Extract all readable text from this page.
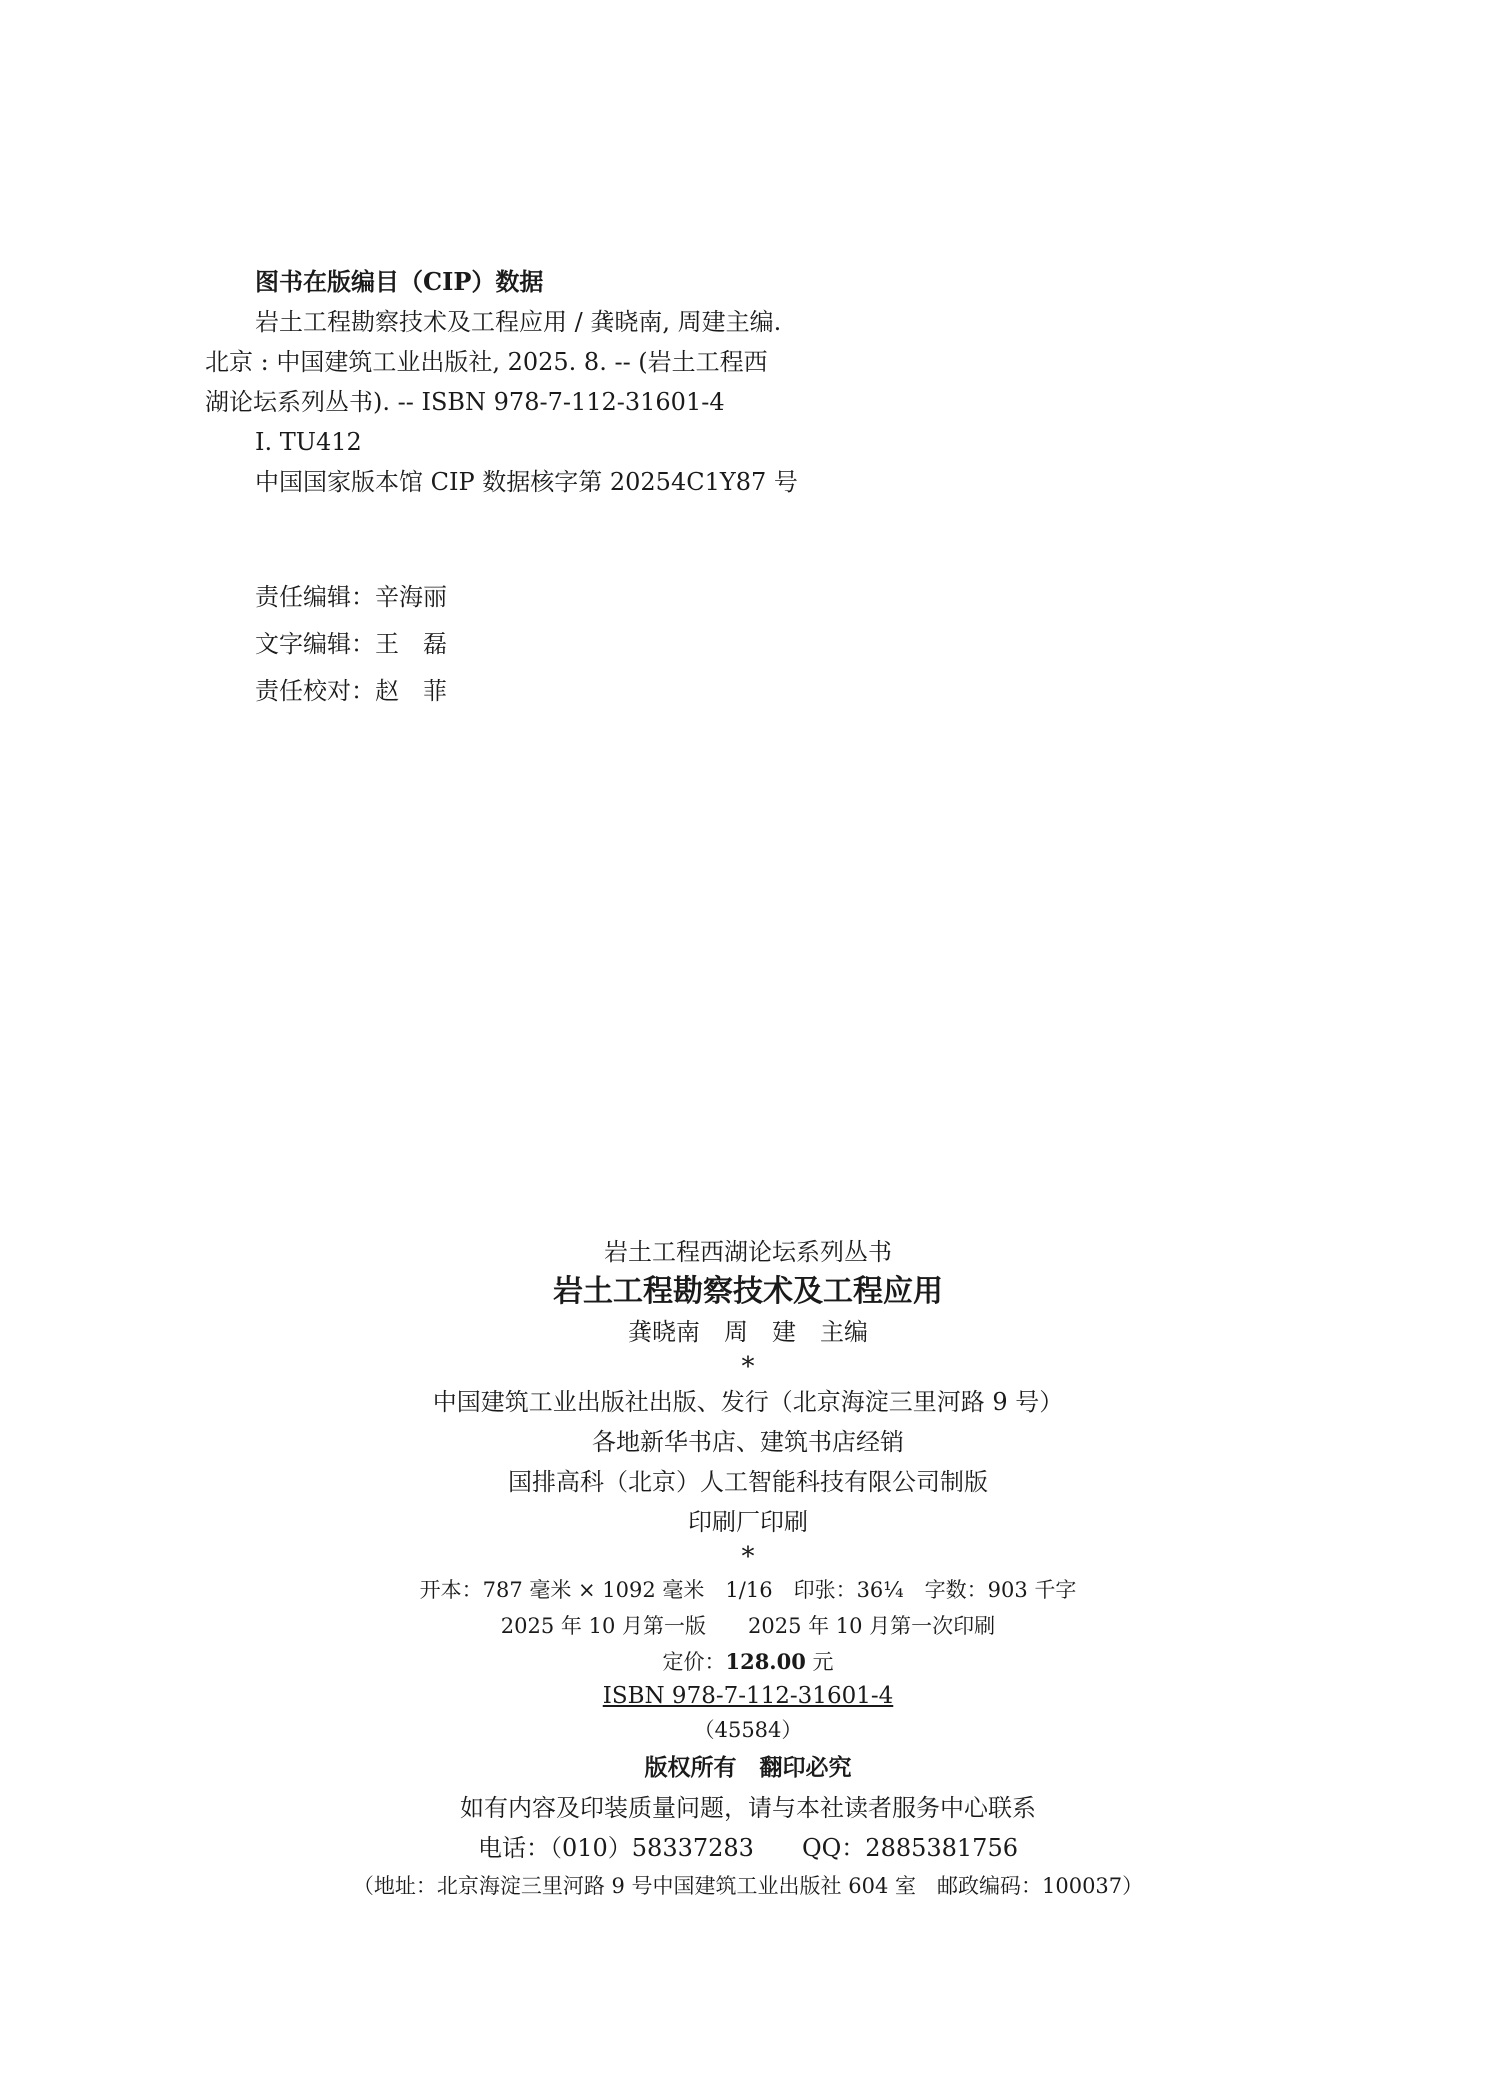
图书在版编目（CIP）数据
岩土工程勘察技术及工程应用 / 龚晓南, 周建主编.
北京 : 中国建筑工业出版社, 2025. 8. -- (岩土工程西
湖论坛系列丛书). -- ISBN 978-7-112-31601-4
Ⅰ. TU412
中国国家版本馆 CIP 数据核字第 20254C1Y87 号
责任编辑：辛海丽
文字编辑：王　磊
责任校对：赵　菲
岩土工程西湖论坛系列丛书
岩土工程勘察技术及工程应用
龚晓南　周　建　主编
*
中国建筑工业出版社出版、发行（北京海淀三里河路 9 号）
各地新华书店、建筑书店经销
国排高科（北京）人工智能科技有限公司制版
印刷厂印刷
*
开本：787 毫米 × 1092 毫米　1/16　印张：36¼　字数：903 千字
2025 年 10 月第一版　　2025 年 10 月第一次印刷
定价：128.00 元
ISBN 978-7-112-31601-4
（45584）
版权所有　翻印必究
如有内容及印装质量问题，请与本社读者服务中心联系
电话：（010）58337283　　QQ：2885381756
（地址：北京海淀三里河路 9 号中国建筑工业出版社 604 室　邮政编码：100037）
